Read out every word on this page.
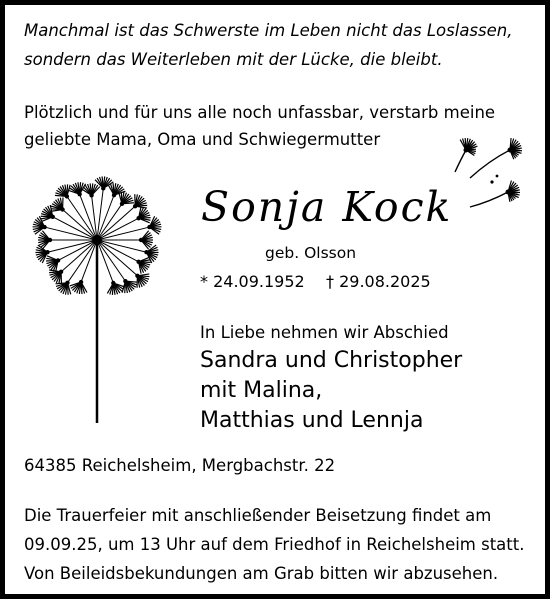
Manchmal ist das Schwerste im Leben nicht das Loslassen,
sondern das Weiterleben mit der Lücke, die bleibt.
Plötzlich und für uns alle noch unfassbar, verstarb meine
geliebte Mama, Oma und Schwiegermutter
Sonja Kock
geb. Olsson
* 24.09.1952 † 29.08.2025
In Liebe nehmen wir Abschied
Sandra und Christopher
mit Malina,
Matthias und Lennja
64385 Reichelsheim, Mergbachstr. 22
Die Trauerfeier mit anschließender Beisetzung findet am
09.09.25, um 13 Uhr auf dem Friedhof in Reichelsheim statt.
Von Beileidsbekundungen am Grab bitten wir abzusehen.
